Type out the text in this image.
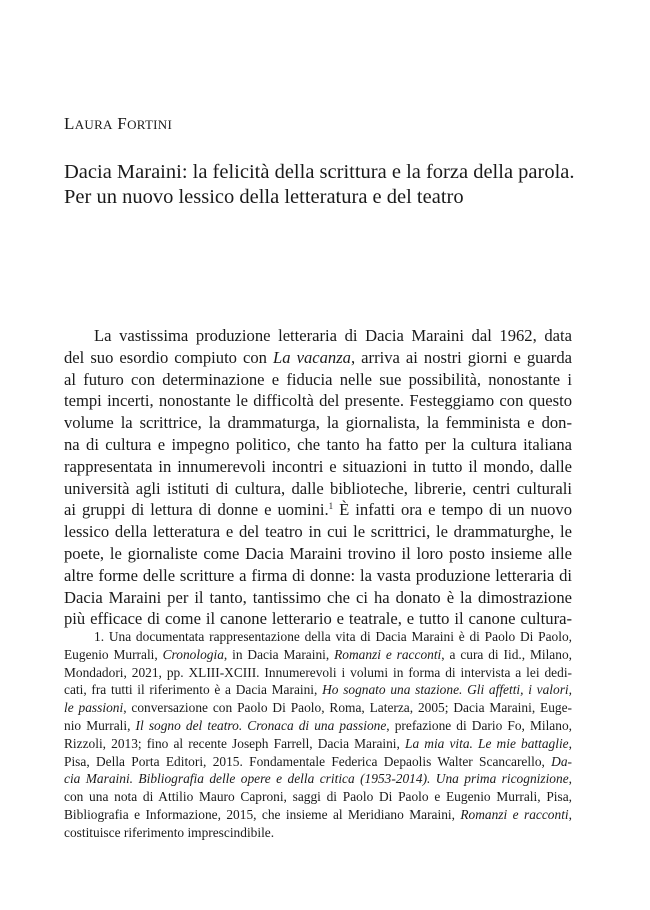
LAURA FORTINI
Dacia Maraini: la felicità della scrittura e la forza della parola.
Per un nuovo lessico della letteratura e del teatro
La vastissima produzione letteraria di Dacia Maraini dal 1962, data
del suo esordio compiuto con La vacanza, arriva ai nostri giorni e guarda
al futuro con determinazione e fiducia nelle sue possibilità, nonostante i
tempi incerti, nonostante le difficoltà del presente. Festeggiamo con questo
volume la scrittrice, la drammaturga, la giornalista, la femminista e don-
na di cultura e impegno politico, che tanto ha fatto per la cultura italiana
rappresentata in innumerevoli incontri e situazioni in tutto il mondo, dalle
università agli istituti di cultura, dalle biblioteche, librerie, centri culturali
ai gruppi di lettura di donne e uomini.$^1$ È infatti ora e tempo di un nuovo
lessico della letteratura e del teatro in cui le scrittrici, le drammaturghe, le
poete, le giornaliste come Dacia Maraini trovino il loro posto insieme alle
altre forme delle scritture a firma di donne: la vasta produzione letteraria di
Dacia Maraini per il tanto, tantissimo che ci ha donato è la dimostrazione
più efficace di come il canone letterario e teatrale, e tutto il canone cultura-
1. Una documentata rappresentazione della vita di Dacia Maraini è di Paolo Di Paolo,
Eugenio Murrali, Cronologia, in Dacia Maraini, Romanzi e racconti, a cura di Iid., Milano,
Mondadori, 2021, pp. XLIII-XCIII. Innumerevoli i volumi in forma di intervista a lei dedi-
cati, fra tutti il riferimento è a Dacia Maraini, Ho sognato una stazione. Gli affetti, i valori,
le passioni, conversazione con Paolo Di Paolo, Roma, Laterza, 2005; Dacia Maraini, Euge-
nio Murrali, Il sogno del teatro. Cronaca di una passione, prefazione di Dario Fo, Milano,
Rizzoli, 2013; fino al recente Joseph Farrell, Dacia Maraini, La mia vita. Le mie battaglie,
Pisa, Della Porta Editori, 2015. Fondamentale Federica Depaolis Walter Scancarello, Da-
cia Maraini. Bibliografia delle opere e della critica (1953-2014). Una prima ricognizione,
con una nota di Attilio Mauro Caproni, saggi di Paolo Di Paolo e Eugenio Murrali, Pisa,
Bibliografia e Informazione, 2015, che insieme al Meridiano Maraini, Romanzi e racconti,
costituisce riferimento imprescindibile.
